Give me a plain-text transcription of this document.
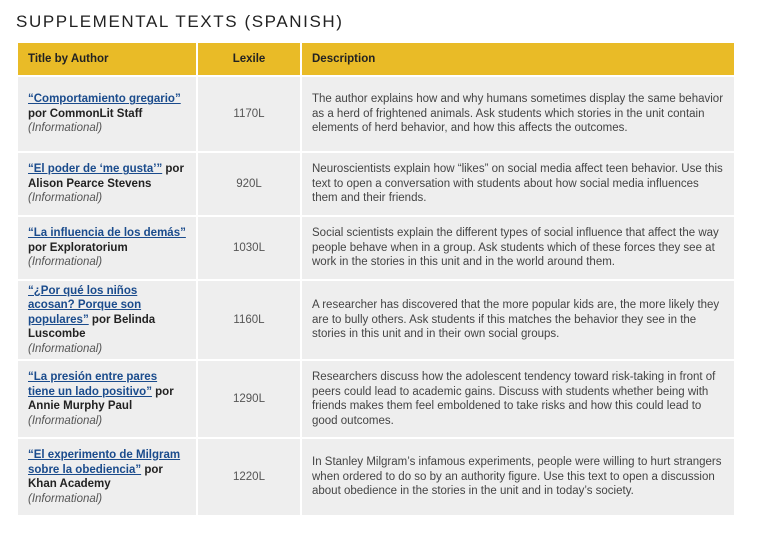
SUPPLEMENTAL TEXTS (SPANISH)
Title by Author	Lexile	Description
“Comportamiento gregario” por CommonLit Staff
(Informational)	1170L	The author explains how and why humans sometimes display the same behavior as a herd of frightened animals. Ask students which stories in the unit contain elements of herd behavior, and how this affects the outcomes.
“El poder de ‘me gusta’” por Alison Pearce Stevens
(Informational)	920L	Neuroscientists explain how “likes” on social media affect teen behavior. Use this text to open a conversation with students about how social media influences them and their friends.
“La influencia de los demás” por Exploratorium
(Informational)	1030L	Social scientists explain the different types of social influence that affect the way people behave when in a group. Ask students which of these forces they see at work in the stories in this unit and in the world around them.
“¿Por qué los niños acosan? Porque son populares” por Belinda Luscombe
(Informational)	1160L	A researcher has discovered that the more popular kids are, the more likely they are to bully others. Ask students if this matches the behavior they see in the stories in this unit and in their own social groups.
“La presión entre pares tiene un lado positivo” por Annie Murphy Paul
(Informational)	1290L	Researchers discuss how the adolescent tendency toward risk-taking in front of peers could lead to academic gains. Discuss with students whether being with friends makes them feel emboldened to take risks and how this could lead to good outcomes.
“El experimento de Milgram sobre la obediencia” por Khan Academy
(Informational)	1220L	In Stanley Milgram’s infamous experiments, people were willing to hurt strangers when ordered to do so by an authority figure. Use this text to open a discussion about obedience in the stories in the unit and in today’s society.
